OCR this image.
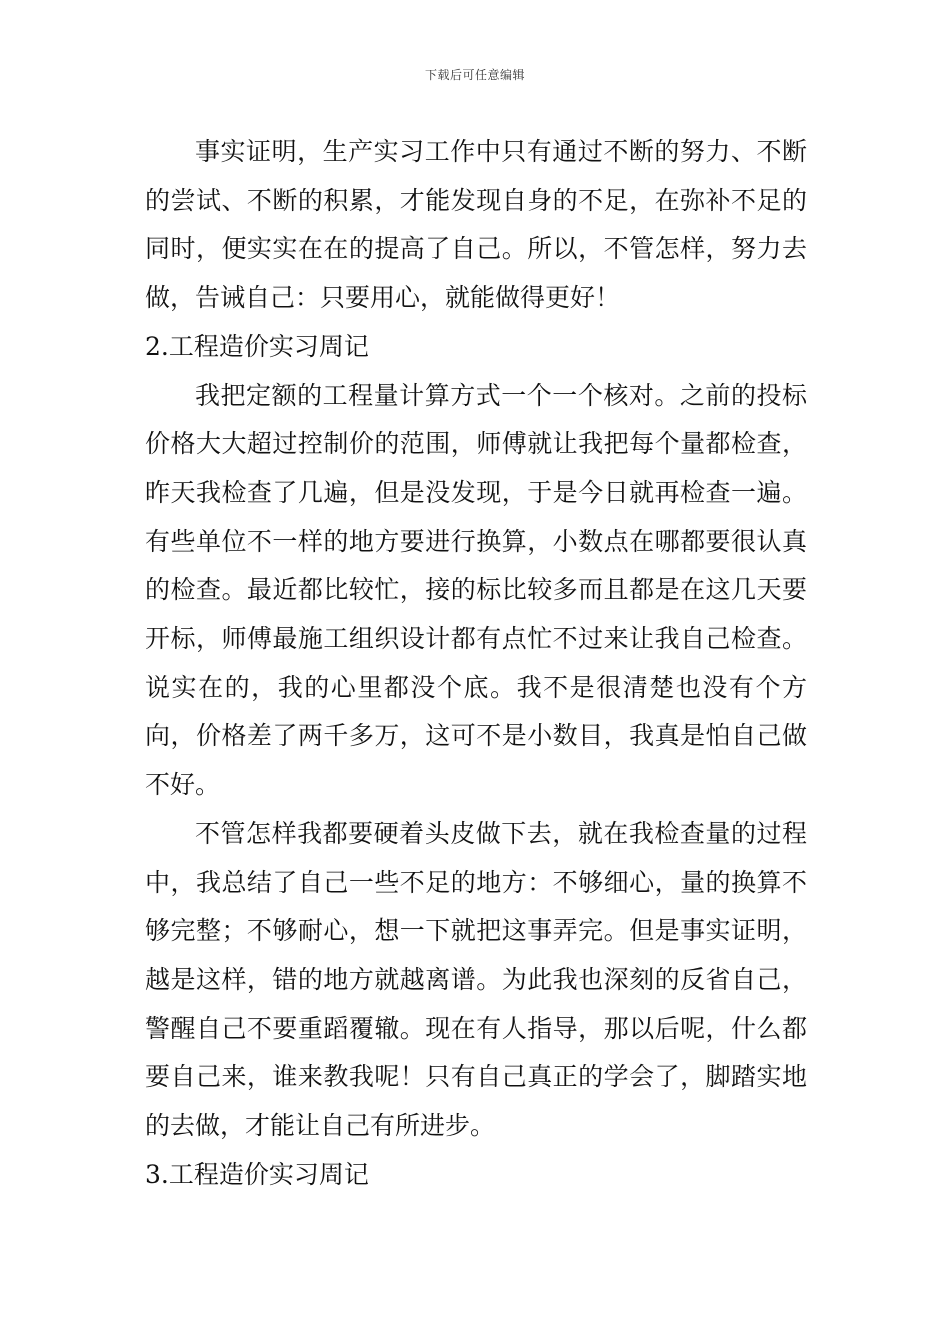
下载后可任意编辑

事实证明，生产实习工作中只有通过不断的努力、不断的尝试、不断的积累，才能发现自身的不足，在弥补不足的同时，便实实在在的提高了自己。所以，不管怎样，努力去做，告诫自己：只要用心，就能做得更好！

2.工程造价实习周记

我把定额的工程量计算方式一个一个核对。之前的投标价格大大超过控制价的范围，师傅就让我把每个量都检查，昨天我检查了几遍，但是没发现，于是今日就再检查一遍。有些单位不一样的地方要进行换算，小数点在哪都要很认真的检查。最近都比较忙，接的标比较多而且都是在这几天要开标，师傅最施工组织设计都有点忙不过来让我自己检查。说实在的，我的心里都没个底。我不是很清楚也没有个方向，价格差了两千多万，这可不是小数目，我真是怕自己做不好。

不管怎样我都要硬着头皮做下去，就在我检查量的过程中，我总结了自己一些不足的地方：不够细心，量的换算不够完整；不够耐心，想一下就把这事弄完。但是事实证明，越是这样，错的地方就越离谱。为此我也深刻的反省自己，警醒自己不要重蹈覆辙。现在有人指导，那以后呢，什么都要自己来，谁来教我呢！只有自己真正的学会了，脚踏实地的去做，才能让自己有所进步。

3.工程造价实习周记
